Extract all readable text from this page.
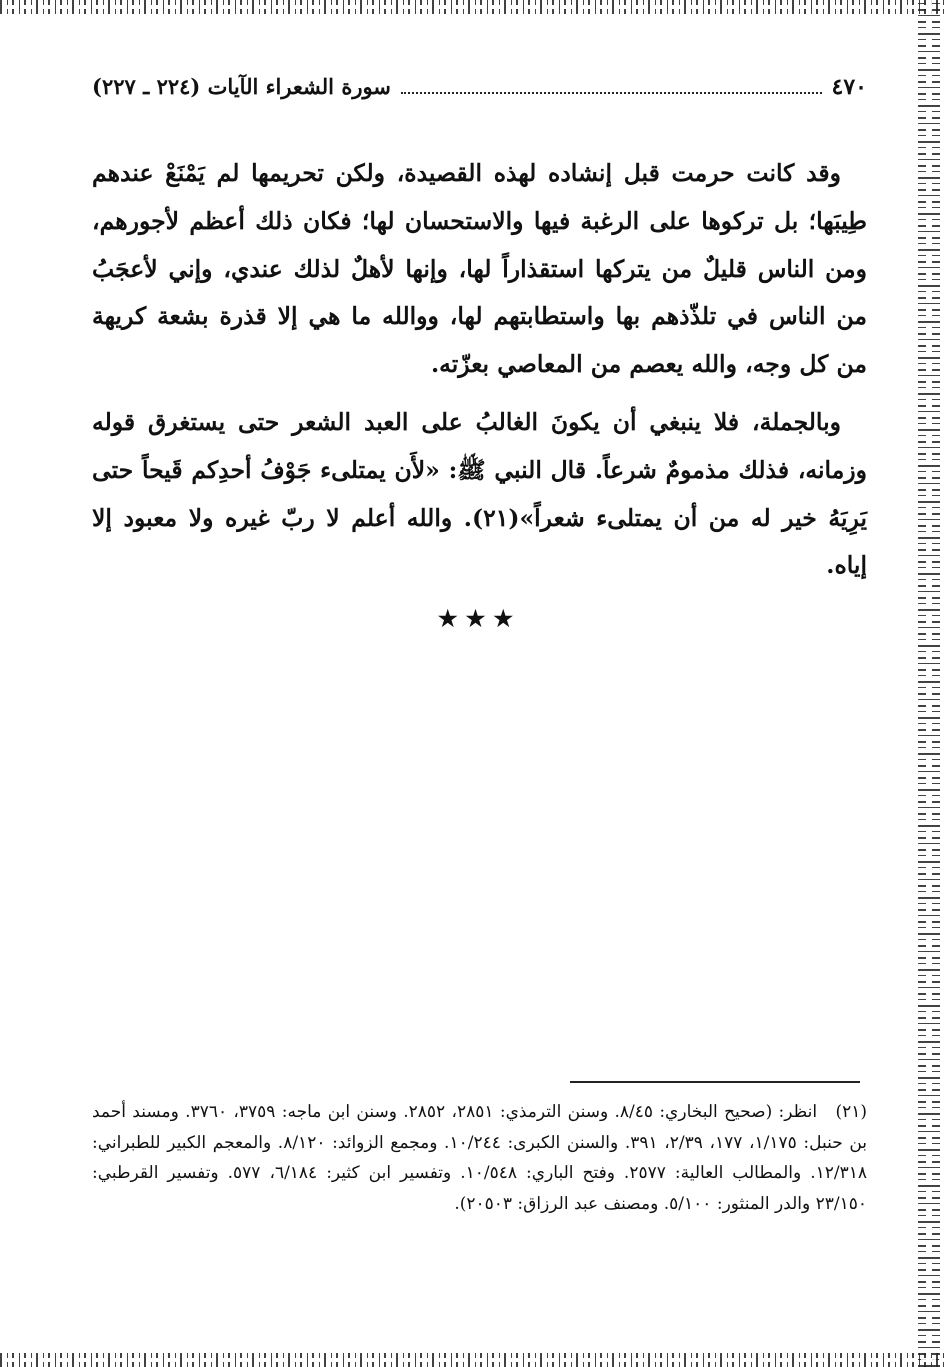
٤٧٠
سورة الشعراء الآيات (٢٢٤ ـ ٢٢٧)

وقد كانت حرمت قبل إنشاده لهذه القصيدة، ولكن تحريمها لم يَمْنَعْ عندهم طِيبَها؛ بل تركوها على الرغبة فيها والاستحسان لها؛ فكان ذلك أعظم لأجورهم، ومن الناس قليلٌ من يتركها استقذاراً لها، وإنها لأهلٌ لذلك عندي، وإني لأعجَبُ من الناس في تلذّذهم بها واستطابتهم لها، ووالله ما هي إلا قذرة بشعة كريهة من كل وجه، والله يعصم من المعاصي بعزّته.

وبالجملة، فلا ينبغي أن يكونَ الغالبُ على العبد الشعر حتى يستغرق قوله وزمانه، فذلك مذمومٌ شرعاً. قال النبي ﷺ: «لأَن يمتلىء جَوْفُ أحدِكم قَيحاً حتى يَرِيَهُ خير له من أن يمتلىء شعراً»(٢١). والله أعلم لا ربّ غيره ولا معبود إلا إياه.

★★★
(٢١)انظر: (صحيح البخاري: ٨/٤٥. وسنن الترمذي: ٢٨٥١، ٢٨٥٢. وسنن ابن ماجه: ٣٧٥٩، ٣٧٦٠. ومسند أحمد بن حنبل: ١/١٧٥، ١٧٧، ٢/٣٩، ٣٩١. والسنن الكبرى: ١٠/٢٤٤. ومجمع الزوائد: ٨/١٢٠. والمعجم الكبير للطبراني: ١٢/٣١٨. والمطالب العالية: ٢٥٧٧. وفتح الباري: ١٠/٥٤٨. وتفسير ابن كثير: ٦/١٨٤، ٥٧٧. وتفسير القرطبي: ٢٣/١٥٠ والدر المنثور: ٥/١٠٠. ومصنف عبد الرزاق: ٢٠٥٠٣).
